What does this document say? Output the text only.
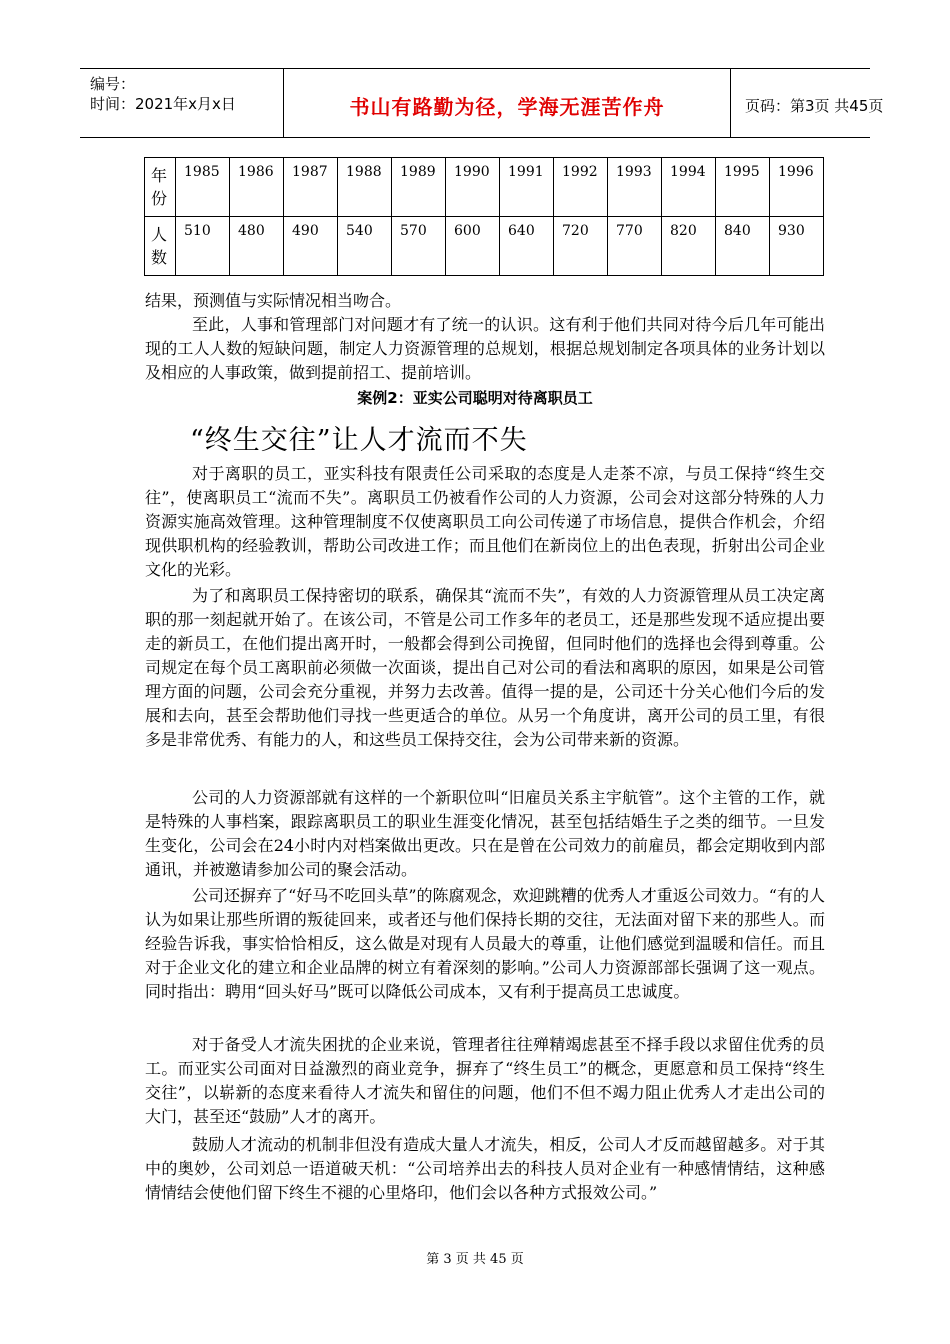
编号：
时间：2021年x月x日	书山有路勤为径，学海无涯苦作舟	页码：第3页 共45页
年份	1985	1986	1987	1988	1989	1990	1991	1992	1993	1994	1995	1996
人数	510	480	490	540	570	600	640	720	770	820	840	930
结果，预测值与实际情况相当吻合。
至此，人事和管理部门对问题才有了统一的认识。这有利于他们共同对待今后几年可能出现的工人人数的短缺问题，制定人力资源管理的总规划，根据总规划制定各项具体的业务计划以及相应的人事政策，做到提前招工、提前培训。
案例2：亚实公司聪明对待离职员工
“终生交往”让人才流而不失
对于离职的员工，亚实科技有限责任公司采取的态度是人走茶不凉，与员工保持“终生交往”，使离职员工“流而不失”。离职员工仍被看作公司的人力资源，公司会对这部分特殊的人力资源实施高效管理。这种管理制度不仅使离职员工向公司传递了市场信息，提供合作机会，介绍现供职机构的经验教训，帮助公司改进工作；而且他们在新岗位上的出色表现，折射出公司企业文化的光彩。
为了和离职员工保持密切的联系，确保其“流而不失”，有效的人力资源管理从员工决定离职的那一刻起就开始了。在该公司，不管是公司工作多年的老员工，还是那些发现不适应提出要走的新员工，在他们提出离开时，一般都会得到公司挽留，但同时他们的选择也会得到尊重。公司规定在每个员工离职前必须做一次面谈，提出自己对公司的看法和离职的原因，如果是公司管理方面的问题，公司会充分重视，并努力去改善。值得一提的是，公司还十分关心他们今后的发展和去向，甚至会帮助他们寻找一些更适合的单位。从另一个角度讲，离开公司的员工里，有很多是非常优秀、有能力的人，和这些员工保持交往，会为公司带来新的资源。
公司的人力资源部就有这样的一个新职位叫“旧雇员关系主宇航管”。这个主管的工作，就是特殊的人事档案，跟踪离职员工的职业生涯变化情况，甚至包括结婚生子之类的细节。一旦发生变化，公司会在24小时内对档案做出更改。只在是曾在公司效力的前雇员，都会定期收到内部通讯，并被邀请参加公司的聚会活动。
公司还摒弃了“好马不吃回头草”的陈腐观念，欢迎跳糟的优秀人才重返公司效力。“有的人认为如果让那些所谓的叛徒回来，或者还与他们保持长期的交往，无法面对留下来的那些人。而经验告诉我，事实恰恰相反，这么做是对现有人员最大的尊重，让他们感觉到温暖和信任。而且对于企业文化的建立和企业品牌的树立有着深刻的影响。”公司人力资源部部长强调了这一观点。同时指出：聘用“回头好马”既可以降低公司成本，又有利于提高员工忠诚度。
对于备受人才流失困扰的企业来说，管理者往往殚精竭虑甚至不择手段以求留住优秀的员工。而亚实公司面对日益激烈的商业竞争，摒弃了“终生员工”的概念，更愿意和员工保持“终生交往”，以崭新的态度来看待人才流失和留住的问题，他们不但不竭力阻止优秀人才走出公司的大门，甚至还“鼓励”人才的离开。
鼓励人才流动的机制非但没有造成大量人才流失，相反，公司人才反而越留越多。对于其中的奥妙，公司刘总一语道破天机：“公司培养出去的科技人员对企业有一种感情情结，这种感情情结会使他们留下终生不褪的心里烙印，他们会以各种方式报效公司。”
第 3 页 共 45 页
